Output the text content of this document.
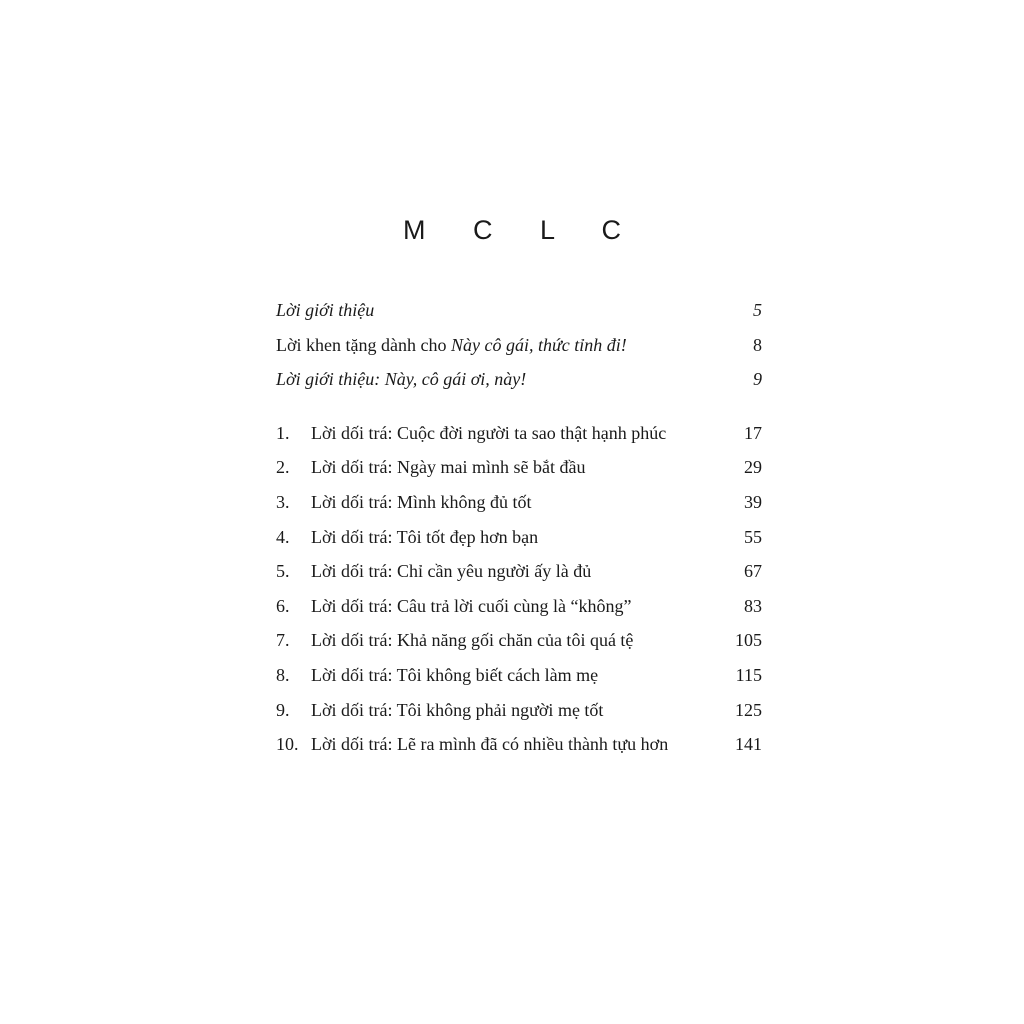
M C L C
Lời giới thiệu	5
Lời khen tặng dành cho Này cô gái, thức tỉnh đi!	8
Lời giới thiệu: Này, cô gái ơi, này!	9
1.	Lời dối trá: Cuộc đời người ta sao thật hạnh phúc	17
2.	Lời dối trá: Ngày mai mình sẽ bắt đầu	29
3.	Lời dối trá: Mình không đủ tốt	39
4.	Lời dối trá: Tôi tốt đẹp hơn bạn	55
5.	Lời dối trá: Chỉ cần yêu người ấy là đủ	67
6.	Lời dối trá: Câu trả lời cuối cùng là “không”	83
7.	Lời dối trá: Khả năng gối chăn của tôi quá tệ	105
8.	Lời dối trá: Tôi không biết cách làm mẹ	115
9.	Lời dối trá: Tôi không phải người mẹ tốt	125
10. Lời dối trá: Lẽ ra mình đã có nhiều thành tựu hơn	141
